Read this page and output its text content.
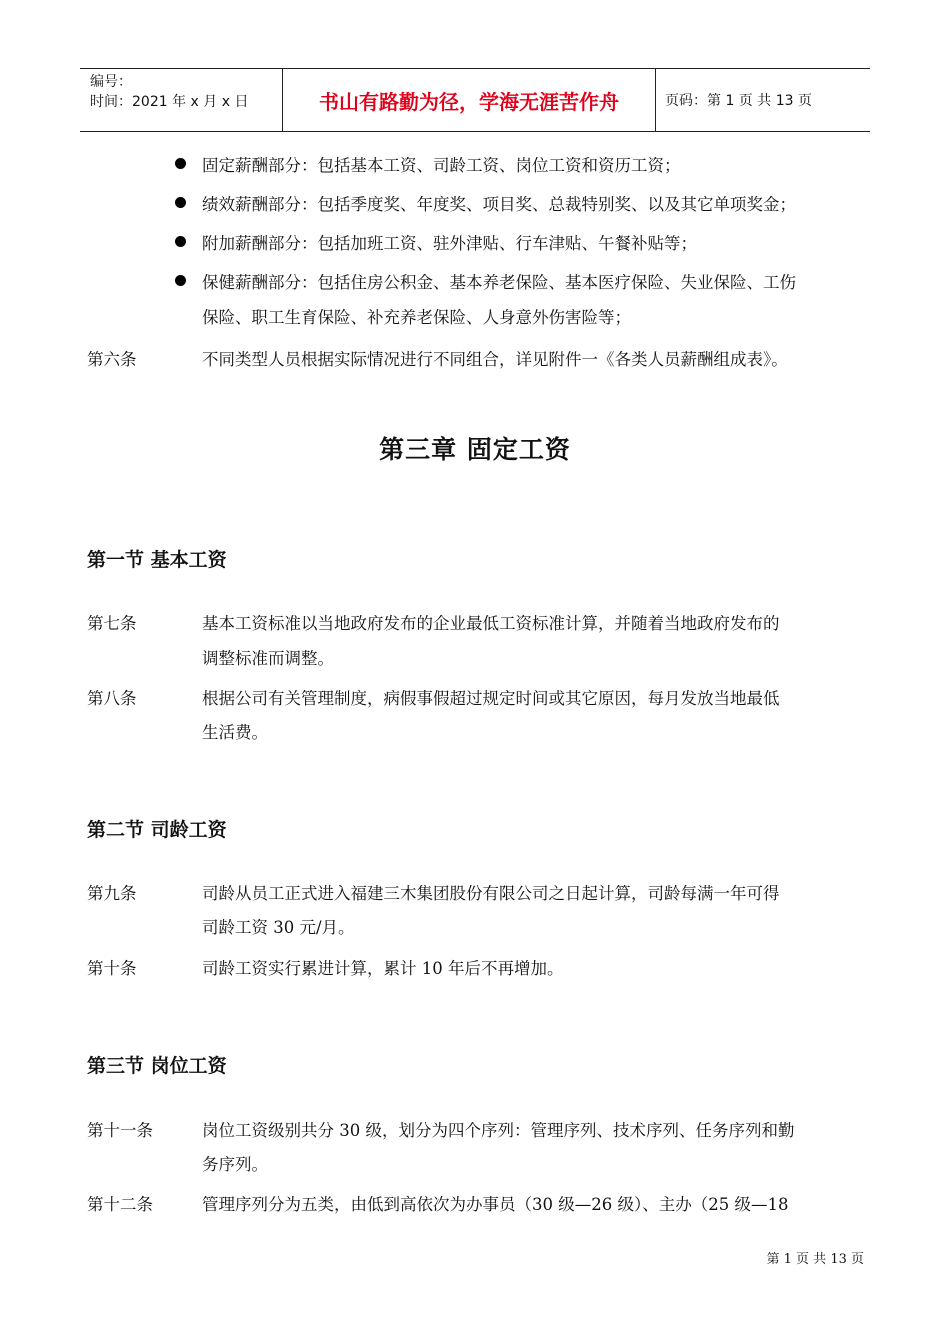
编号：
时间：2021 年 x 月 x 日	书山有路勤为径，学海无涯苦作舟	页码：第 1 页 共 13 页
固定薪酬部分：包括基本工资、司龄工资、岗位工资和资历工资；
绩效薪酬部分：包括季度奖、年度奖、项目奖、总裁特别奖、以及其它单项奖金；
附加薪酬部分：包括加班工资、驻外津贴、行车津贴、午餐补贴等；
保健薪酬部分：包括住房公积金、基本养老保险、基本医疗保险、失业保险、工伤
保险、职工生育保险、补充养老保险、人身意外伤害险等；
第六条	不同类型人员根据实际情况进行不同组合，详见附件一《各类人员薪酬组成表》。
第三章 固定工资
第一节 基本工资
第七条	基本工资标准以当地政府发布的企业最低工资标准计算，并随着当地政府发布的
调整标准而调整。
第八条	根据公司有关管理制度，病假事假超过规定时间或其它原因，每月发放当地最低
生活费。
第二节 司龄工资
第九条	司龄从员工正式进入福建三木集团股份有限公司之日起计算，司龄每满一年可得
司龄工资 30 元/月。
第十条	司龄工资实行累进计算，累计 10 年后不再增加。
第三节 岗位工资
第十一条	岗位工资级别共分 30 级，划分为四个序列：管理序列、技术序列、任务序列和勤
务序列。
第十二条	管理序列分为五类，由低到高依次为办事员（30 级—26 级）、主办（25 级—18
第 1 页 共 13 页
